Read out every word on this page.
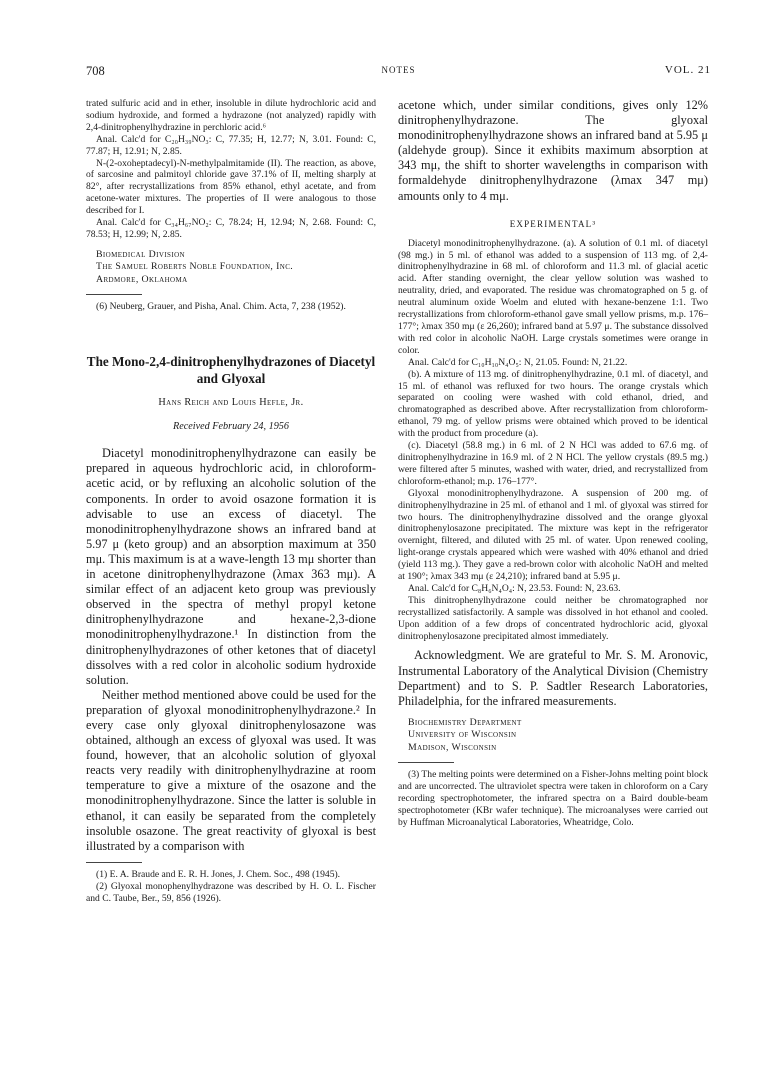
708	NOTES	VOL. 21

trated sulfuric acid and in ether, insoluble in dilute hydrochloric acid and sodium hydroxide, and formed a hydrazone (not analyzed) rapidly with 2,4-dinitrophenylhydrazine in perchloric acid.⁶

Anal. Calc'd for C₂₀H₃₉NO₃: C, 77.35; H, 12.77; N, 3.01. Found: C, 77.87; H, 12.91; N, 2.85.

N-(2-oxoheptadecyl)-N-methylpalmitamide (II). The reaction, as above, of sarcosine and palmitoyl chloride gave 37.1% of II, melting sharply at 82°, after recrystallizations from 85% ethanol, ethyl acetate, and from acetone-water mixtures. The properties of II were analogous to those described for I.

Anal. Calc'd for C₃₄H₆₇NO₂: C, 78.24; H, 12.94; N, 2.68. Found: C, 78.53; H, 12.99; N, 2.85.

Biomedical Division
The Samuel Roberts Noble Foundation, Inc.
Ardmore, Oklahoma

(6) Neuberg, Grauer, and Pisha, Anal. Chim. Acta, 7, 238 (1952).

The Mono-2,4-dinitrophenylhydrazones of Diacetyl and Glyoxal
Hans Reich and Louis Hefle, Jr.
Received February 24, 1956

Diacetyl monodinitrophenylhydrazone can easily be prepared in aqueous hydrochloric acid, in chloroform-acetic acid, or by refluxing an alcoholic solution of the components. In order to avoid osazone formation it is advisable to use an excess of diacetyl. The monodinitrophenylhydrazone shows an infrared band at 5.97 μ (keto group) and an absorption maximum at 350 mμ. This maximum is at a wave-length 13 mμ shorter than in acetone dinitrophenylhydrazone (λmax 363 mμ). A similar effect of an adjacent keto group was previously observed in the spectra of methyl propyl ketone dinitrophenylhydrazone and hexane-2,3-dione monodinitrophenylhydrazone.¹ In distinction from the dinitrophenylhydrazones of other ketones that of diacetyl dissolves with a red color in alcoholic sodium hydroxide solution.

Neither method mentioned above could be used for the preparation of glyoxal monodinitrophenylhydrazone.² In every case only glyoxal dinitrophenylosazone was obtained, although an excess of glyoxal was used. It was found, however, that an alcoholic solution of glyoxal reacts very readily with dinitrophenylhydrazine at room temperature to give a mixture of the osazone and the monodinitrophenylhydrazone. Since the latter is soluble in ethanol, it can easily be separated from the completely insoluble osazone. The great reactivity of glyoxal is best illustrated by a comparison with

(1) E. A. Braude and E. R. H. Jones, J. Chem. Soc., 498 (1945).

(2) Glyoxal monophenylhydrazone was described by H. O. L. Fischer and C. Taube, Ber., 59, 856 (1926).

acetone which, under similar conditions, gives only 12% dinitrophenylhydrazone. The glyoxal monodinitrophenylhydrazone shows an infrared band at 5.95 μ (aldehyde group). Since it exhibits maximum absorption at 343 mμ, the shift to shorter wavelengths in comparison with formaldehyde dinitrophenylhydrazone (λmax 347 mμ) amounts only to 4 mμ.

EXPERIMENTAL³

Diacetyl monodinitrophenylhydrazone. (a). A solution of 0.1 ml. of diacetyl (98 mg.) in 5 ml. of ethanol was added to a suspension of 113 mg. of 2,4-dinitrophenylhydrazine in 68 ml. of chloroform and 11.3 ml. of glacial acetic acid. After standing overnight, the clear yellow solution was washed to neutrality, dried, and evaporated. The residue was chromatographed on 5 g. of neutral aluminum oxide Woelm and eluted with hexane-benzene 1:1. Two recrystallizations from chloroform-ethanol gave small yellow prisms, m.p. 176–177°; λmax 350 mμ (ε 26,260); infrared band at 5.97 μ. The substance dissolved with red color in alcoholic NaOH. Large crystals sometimes were orange in color.

Anal. Calc'd for C₁₀H₁₀N₄O₅: N, 21.05. Found: N, 21.22.

(b). A mixture of 113 mg. of dinitrophenylhydrazine, 0.1 ml. of diacetyl, and 15 ml. of ethanol was refluxed for two hours. The orange crystals which separated on cooling were washed with cold ethanol, dried, and chromatographed as described above. After recrystallization from chloroform-ethanol, 79 mg. of yellow prisms were obtained which proved to be identical with the product from procedure (a).

(c). Diacetyl (58.8 mg.) in 6 ml. of 2 N HCl was added to 67.6 mg. of dinitrophenylhydrazine in 16.9 ml. of 2 N HCl. The yellow crystals (89.5 mg.) were filtered after 5 minutes, washed with water, dried, and recrystallized from chloroform-ethanol; m.p. 176–177°.

Glyoxal monodinitrophenylhydrazone. A suspension of 200 mg. of dinitrophenylhydrazine in 25 ml. of ethanol and 1 ml. of glyoxal was stirred for two hours. The dinitrophenylhydrazine dissolved and the orange glyoxal dinitrophenylosazone precipitated. The mixture was kept in the refrigerator overnight, filtered, and diluted with 25 ml. of water. Upon renewed cooling, light-orange crystals appeared which were washed with 40% ethanol and dried (yield 113 mg.). They gave a red-brown color with alcoholic NaOH and melted at 190°; λmax 343 mμ (ε 24,210); infrared band at 5.95 μ.

Anal. Calc'd for C₈H₆N₄O₄: N, 23.53. Found: N, 23.63.

This dinitrophenylhydrazone could neither be chromatographed nor recrystallized satisfactorily. A sample was dissolved in hot ethanol and cooled. Upon addition of a few drops of concentrated hydrochloric acid, glyoxal dinitrophenylosazone precipitated almost immediately.

Acknowledgment. We are grateful to Mr. S. M. Aronovic, Instrumental Laboratory of the Analytical Division (Chemistry Department) and to S. P. Sadtler Research Laboratories, Philadelphia, for the infrared measurements.

Biochemistry Department
University of Wisconsin
Madison, Wisconsin

(3) The melting points were determined on a Fisher-Johns melting point block and are uncorrected. The ultraviolet spectra were taken in chloroform on a Cary recording spectrophotometer, the infrared spectra on a Baird double-beam spectrophotometer (KBr wafer technique). The microanalyses were carried out by Huffman Microanalytical Laboratories, Wheatridge, Colo.
